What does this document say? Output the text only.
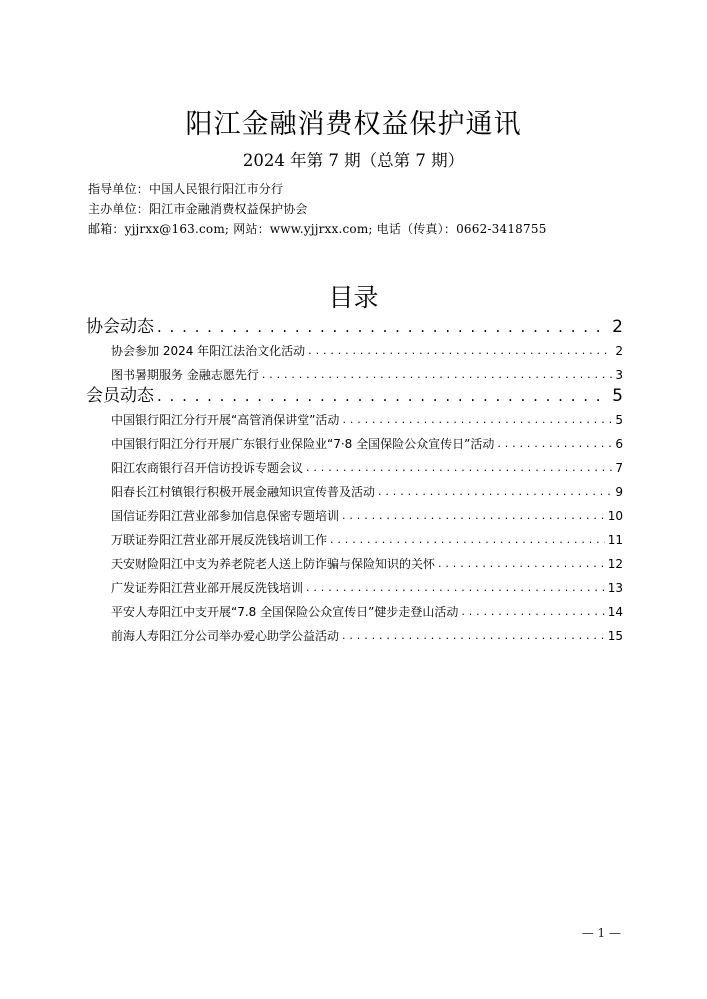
阳江金融消费权益保护通讯
2024 年第 7 期（总第 7 期）
指导单位：中国人民银行阳江市分行
主办单位：阳江市金融消费权益保护协会
邮箱：yjjrxx@163.com; 网站：www.yjjrxx.com; 电话（传真）：0662-3418755
目录
协会动态 . . .	2
协会参加 2024 年阳江法治文化活动 . . .	2
图书暑期服务 金融志愿先行 . . .	3
会员动态 . . .	5
中国银行阳江分行开展“高管消保讲堂”活动 . . .	5
中国银行阳江分行开展广东银行业保险业“7·8 全国保险公众宣传日”活动 . . .	6
阳江农商银行召开信访投诉专题会议 . . .	7
阳春长江村镇银行积极开展金融知识宣传普及活动 . . .	9
国信证券阳江营业部参加信息保密专题培训 . . .	10
万联证券阳江营业部开展反洗钱培训工作 . . .	11
天安财险阳江中支为养老院老人送上防诈骗与保险知识的关怀 . . .	12
广发证券阳江营业部开展反洗钱培训 . . .	13
平安人寿阳江中支开展“7.8 全国保险公众宣传日”健步走登山活动 . . .	14
前海人寿阳江分公司举办爱心助学公益活动 . . .	15
— 1 —
